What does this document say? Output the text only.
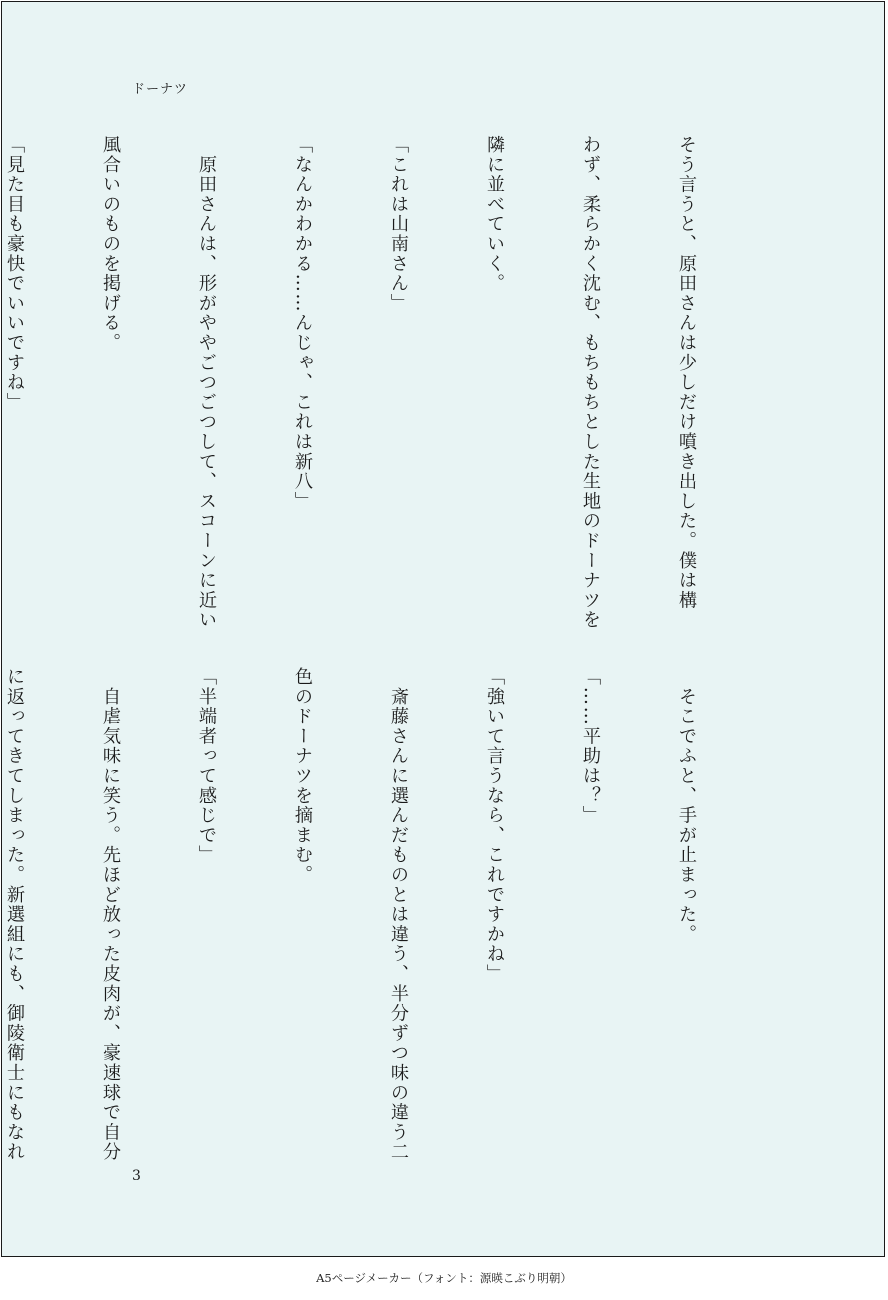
ドーナツ

そう言うと、原田さんは少しだけ噴き出した。僕は構

わず、柔らかく沈む、もちもちとした生地のドーナツを

隣に並べていく。

「これは山南さん」

「なんかわかる……んじゃ、これは新八」

　原田さんは、形がややごつごつして、スコーンに近い

風合いのものを掲げる。

「見た目も豪快でいいですね」

　そこでふと、手が止まった。

「……平助は？」

「強いて言うなら、これですかね」

　斎藤さんに選んだものとは違う、半分ずつ味の違う二

色のドーナツを摘まむ。

「半端者って感じで」

　自虐気味に笑う。先ほど放った皮肉が、豪速球で自分

に返ってきてしまった。新選組にも、御陵衛士にもなれ

3
A5ページメーカー（フォント：源暎こぶり明朝）
